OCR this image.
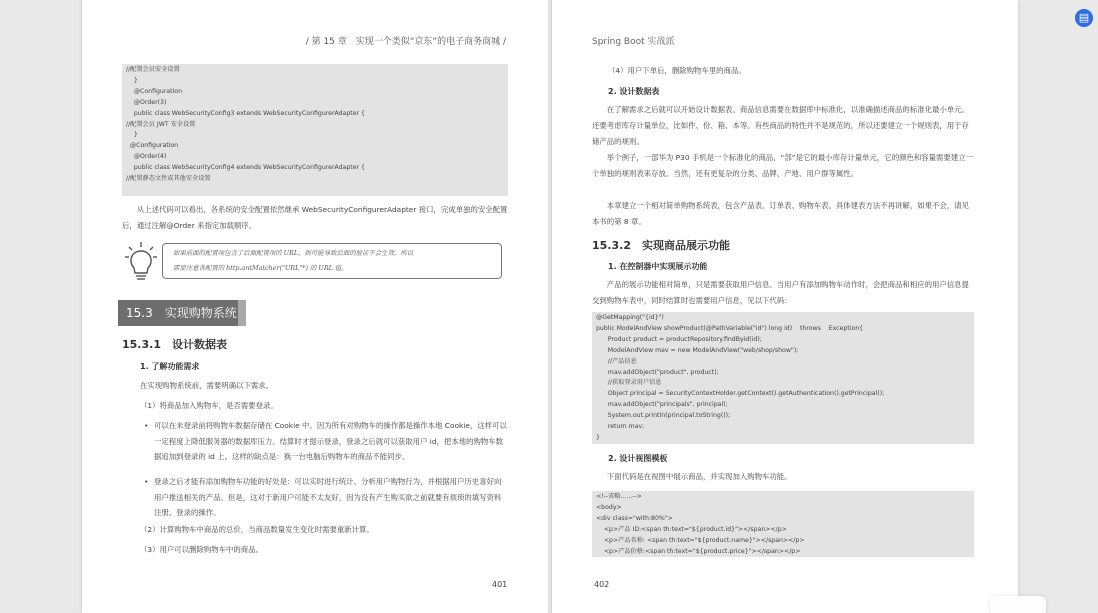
/ 第 15 章　实现一个类似“京东”的电子商务商城 /
//配置会员安全设置
}
@Configuration
@Order(3)
public class WebSecurityConfig3 extends WebSecurityConfigurerAdapter {
//配置会员 JWT 安全设置
}
@Configuration
@Order(4)
public class WebSecurityConfig4 extends WebSecurityConfigurerAdapter {
//配置静态文件或其他安全设置
从上述代码可以看出，各系统的安全配置依然继承 WebSecurityConfigurerAdapter 接口，完成单独的安全配置后，通过注解@Order 来指定加载顺序。
如果前面的配置项包含了后面配置项的 URL，则可能导致后面的验证不会生效，所以
需要注意各配置的 http.antMatcher("URL"*) 的 URL 值。
15.3　实现购物系统
15.3.1　设计数据表
1. 了解功能需求
在实现购物系统前，需要明确以下需求。
（1）将商品加入购物车，是否需要登录。
• 可以在未登录前将购物车数据存储在 Cookie 中。因为所有对购物车的操作都是操作本地 Cookie，这样可以一定程度上降低服务器的数据库压力。结算时才提示登录，登录之后就可以获取用户 id，把本地的购物车数据追加到登录的 id 上。这样的缺点是：换一台电脑后购物车的商品不能同步。
• 登录之后才能有添加购物车功能的好处是：可以实时进行统计、分析用户购物行为，并根据用户历史喜好向用户推送相关的产品。但是，这对于新用户可能不太友好，因为没有产生购买欲之前就要有烦琐的填写资料注册、登录的操作。
（2）计算购物车中商品的总价，当商品数量发生变化时需要重新计算。
（3）用户可以删除购物车中的商品。
401
Spring Boot 实战派
（4）用户下单后，删除购物车里的商品。
2. 设计数据表
在了解需求之后就可以开始设计数据表。商品信息需要在数据库中标准化，以准确描述商品的标准化最小单元。还要考虑库存计量单位，比如件、份、箱、本等。有些商品的特性并不是规范的，所以还要建立一个规则表，用于存储产品的规则。
举个例子，一部华为 P30 手机是一个标准化的商品，“部”是它的最小库存计量单元，它的颜色和容量需要建立一个单独的规则表来存放。当然，还有更复杂的分类、品牌、产地、用户群等属性。
本章建立一个相对简单购物系统表，包含产品表、订单表、购物车表。具体建表方法不再讲解，如果不会，请见本书的第 8 章。
15.3.2　实现商品展示功能
1. 在控制器中实现展示功能
产品的展示功能相对简单，只是需要获取用户信息。当用户有添加购物车动作时，会把商品和相应的用户信息提交到购物车表中，同时结算时也需要用户信息，见以下代码：
@GetMapping("{id}")
public ModelAndView showProduct(@PathVariable("id") long id)    throws    Exception{
Product product = productRepository.findByid(id);
ModelAndView mav = new ModelAndView("web/shop/show");
//产品信息
mav.addObject("product", product);
//获取登录用户信息
Object principal = SecurityContextHolder.getContext().getAuthentication().getPrincipal();
mav.addObject("principals", principal);
System.out.println(principal.toString());
return mav;
}
2. 设计视图模板
下面代码是在视图中展示商品，并实现加入购物车功能。
<!--省略......-->
<body>
<div class="with:80%">
<p>产品 ID:<span th:text="${product.id}"></span></p>
<p>产品名称: <span th:text="${product.name}"></span></p>
<p>产品价格:<span th:text="${product.price}"></span></p>
402
▤
